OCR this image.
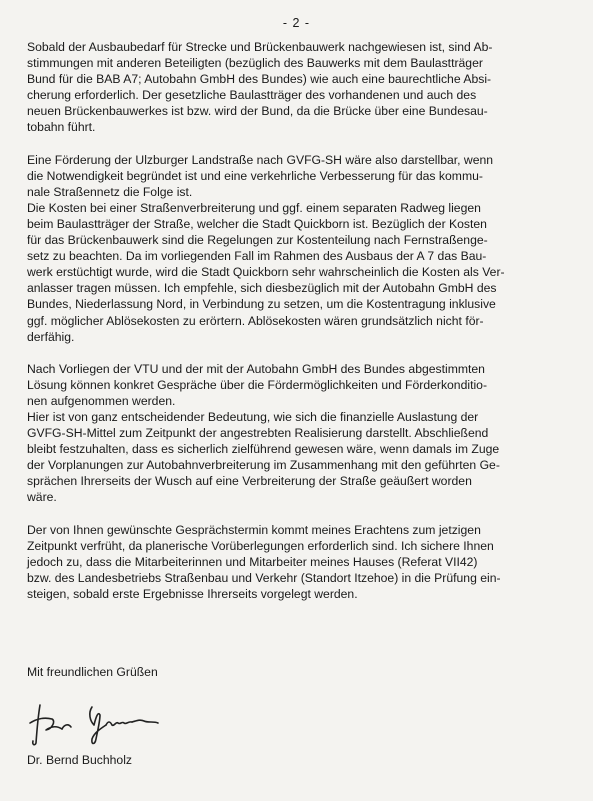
- 2 -
Sobald der Ausbaubedarf für Strecke und Brückenbauwerk nachgewiesen ist, sind Ab-
stimmungen mit anderen Beteiligten (bezüglich des Bauwerks mit dem Baulastträger
Bund für die BAB A7; Autobahn GmbH des Bundes) wie auch eine baurechtliche Absi-
cherung erforderlich. Der gesetzliche Baulastträger des vorhandenen und auch des
neuen Brückenbauwerkes ist bzw. wird der Bund, da die Brücke über eine Bundesau-
tobahn führt.
Eine Förderung der Ulzburger Landstraße nach GVFG-SH wäre also darstellbar, wenn
die Notwendigkeit begründet ist und eine verkehrliche Verbesserung für das kommu-
nale Straßennetz die Folge ist.
Die Kosten bei einer Straßenverbreiterung und ggf. einem separaten Radweg liegen
beim Baulastträger der Straße, welcher die Stadt Quickborn ist. Bezüglich der Kosten
für das Brückenbauwerk sind die Regelungen zur Kostenteilung nach Fernstraßenge-
setz zu beachten. Da im vorliegenden Fall im Rahmen des Ausbaus der A 7 das Bau-
werk erstüchtigt wurde, wird die Stadt Quickborn sehr wahrscheinlich die Kosten als Ver-
anlasser tragen müssen. Ich empfehle, sich diesbezüglich mit der Autobahn GmbH des
Bundes, Niederlassung Nord, in Verbindung zu setzen, um die Kostentragung inklusive
ggf. möglicher Ablösekosten zu erörtern. Ablösekosten wären grundsätzlich nicht för-
derfähig.
Nach Vorliegen der VTU und der mit der Autobahn GmbH des Bundes abgestimmten
Lösung können konkret Gespräche über die Fördermöglichkeiten und Förderkonditio-
nen aufgenommen werden.
Hier ist von ganz entscheidender Bedeutung, wie sich die finanzielle Auslastung der
GVFG-SH-Mittel zum Zeitpunkt der angestrebten Realisierung darstellt. Abschließend
bleibt festzuhalten, dass es sicherlich zielführend gewesen wäre, wenn damals im Zuge
der Vorplanungen zur Autobahnverbreiterung im Zusammenhang mit den geführten Ge-
sprächen Ihrerseits der Wusch auf eine Verbreiterung der Straße geäußert worden
wäre.
Der von Ihnen gewünschte Gesprächstermin kommt meines Erachtens zum jetzigen
Zeitpunkt verfrüht, da planerische Vorüberlegungen erforderlich sind. Ich sichere Ihnen
jedoch zu, dass die Mitarbeiterinnen und Mitarbeiter meines Hauses (Referat VII42)
bzw. des Landesbetriebs Straßenbau und Verkehr (Standort Itzehoe) in die Prüfung ein-
steigen, sobald erste Ergebnisse Ihrerseits vorgelegt werden.
Mit freundlichen Grüßen
Dr. Bernd Buchholz
